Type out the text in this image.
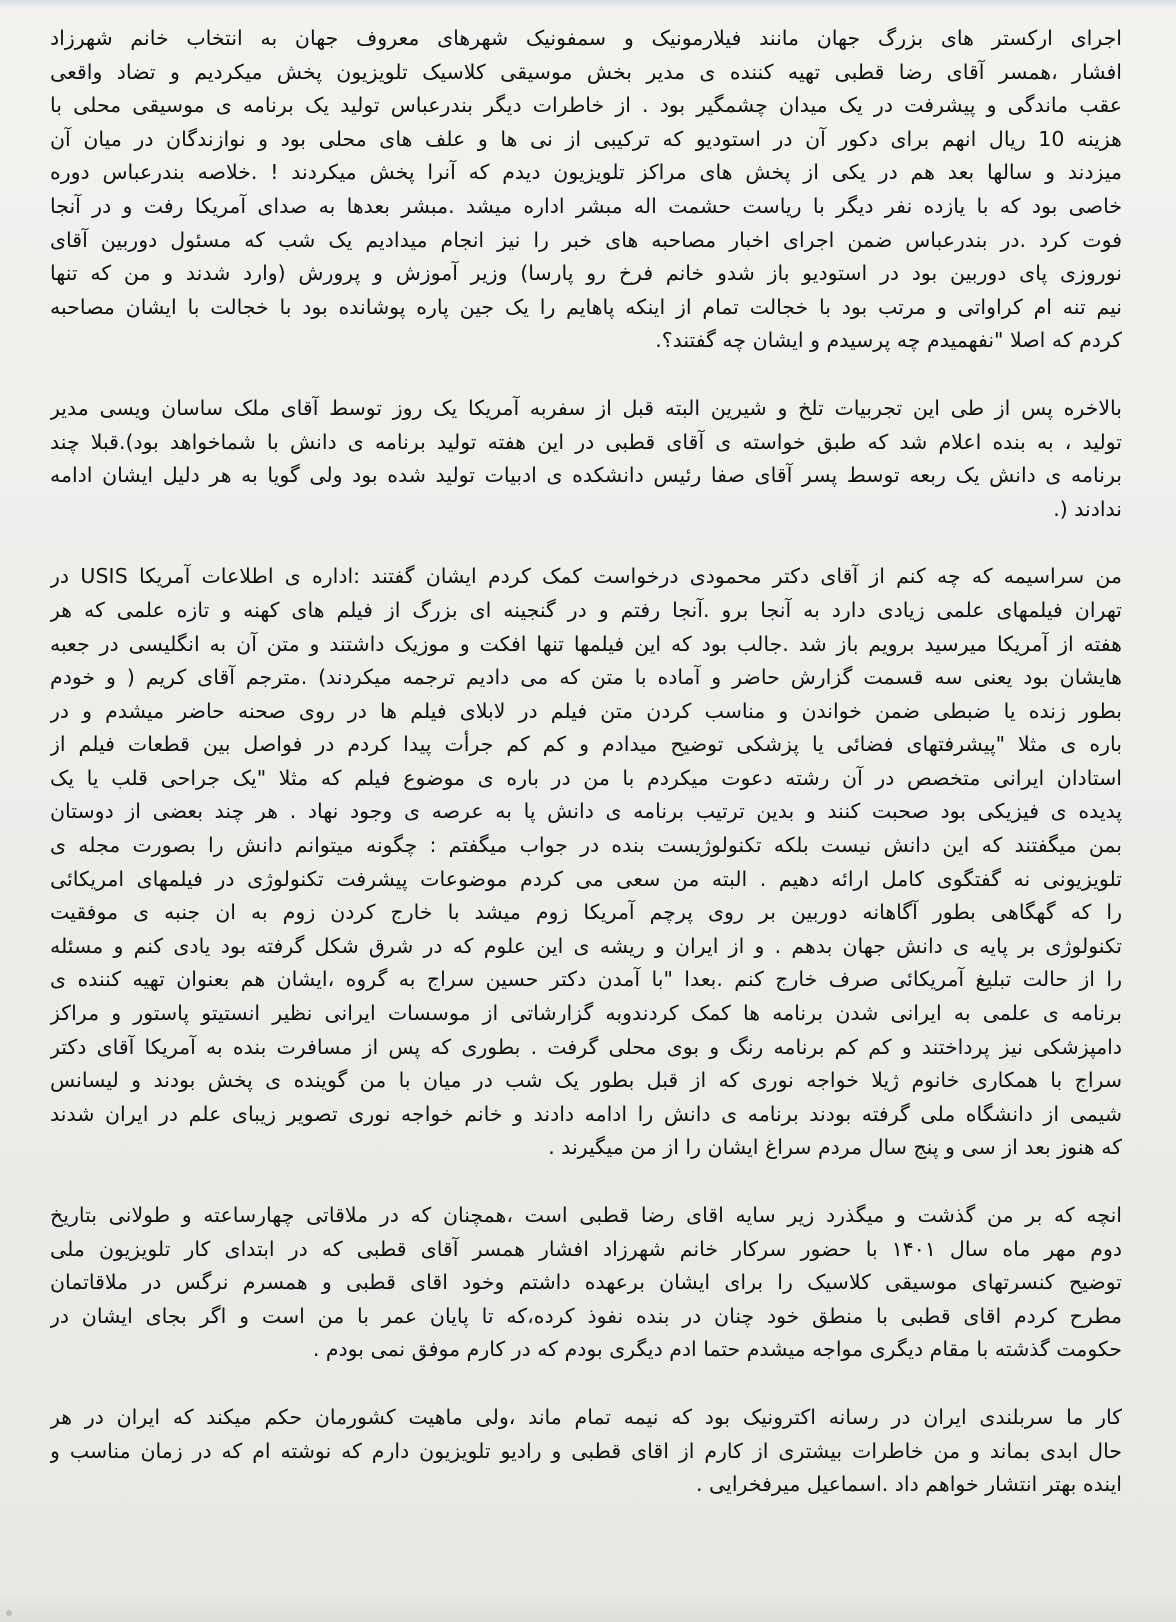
اجرای ارکستر های بزرگ جهان مانند فیلارمونیک و سمفونیک شهرهای معروف جهان به انتخاب خانم شهرزاد
افشار ،همسر آقای رضا قطبی تهیه کننده ی مدیر بخش موسیقی کلاسیک تلویزیون پخش میکردیم و تضاد واقعی
عقب ماندگی و پیشرفت در یک میدان چشمگیر بود . از خاطرات دیگر بندرعباس تولید یک برنامه ی موسیقی محلی با
هزینه 10 ریال انهم برای دکور آن در استودیو که ترکیبی از نی ها و علف های محلی بود و نوازندگان در میان آن
میزدند و سالها بعد هم در یکی از پخش های مراکز تلویزیون دیدم که آنرا پخش میکردند ! .خلاصه بندرعباس دوره
خاصی بود که با یازده نفر دیگر با ریاست حشمت اله مبشر اداره میشد .مبشر بعدها به صدای آمریکا رفت و در آنجا
فوت کرد .در بندرعباس ضمن اجرای اخبار مصاحبه های خبر را نیز انجام میدادیم یک شب که مسئول دوربین آقای
نوروزی پای دوربین بود در استودیو باز شدو خانم فرخ رو پارسا) وزیر آموزش و پرورش (وارد شدند و من که تنها
نیم تنه ام کراواتی و مرتب بود با خجالت تمام از اینکه پاهایم را یک جین پاره پوشانده بود با خجالت با ایشان مصاحبه
کردم که اصلا "نفهمیدم چه پرسیدم و ایشان چه گفتند؟.
بالاخره پس از طی این تجربیات تلخ و شیرین البته قبل از سفربه آمریکا یک روز توسط آقای ملک ساسان ویسی مدیر
تولید ، به بنده اعلام شد که طبق خواسته ی آقای قطبی در این هفته تولید برنامه ی دانش با شماخواهد بود).قبلا چند
برنامه ی دانش یک ربعه توسط پسر آقای صفا رئیس دانشکده ی ادبیات تولید شده بود ولی گویا به هر دلیل ایشان ادامه
ندادند (.
من سراسیمه که چه کنم از آقای دکتر محمودی درخواست کمک کردم ایشان گفتند :اداره ی اطلاعات آمریکا USIS در
تهران فیلمهای علمی زیادی دارد به آنجا برو .آنجا رفتم و در گنجینه ای بزرگ از فیلم های کهنه و تازه علمی که هر
هفته از آمریکا میرسید برویم باز شد .جالب بود که این فیلمها تنها افکت و موزیک داشتند و متن آن به انگلیسی در جعبه
هایشان بود یعنی سه قسمت گزارش حاضر و آماده با متن که می دادیم ترجمه میکردند) .مترجم آقای کریم ( و خودم
بطور زنده یا ضبطی ضمن خواندن و مناسب کردن متن فیلم در لابلای فیلم ها در روی صحنه حاضر میشدم و در
باره ی مثلا "پیشرفتهای فضائی یا پزشکی توضیح میدادم و کم کم جرأت پیدا کردم در فواصل بین قطعات فیلم از
استادان ایرانی متخصص در آن رشته دعوت میکردم با من در باره ی موضوع فیلم که مثلا "یک جراحی قلب یا یک
پدیده ی فیزیکی بود صحبت کنند و بدین ترتیب برنامه ی دانش پا به عرصه ی وجود نهاد . هر چند بعضی از دوستان
بمن میگفتند که این دانش نیست بلکه تکنولوژیست بنده در جواب میگفتم : چگونه میتوانم دانش را بصورت مجله ی
تلویزیونی نه گفتگوی کامل ارائه دهیم . البته من سعی می کردم موضوعات پیشرفت تکنولوژی در فیلمهای امریکائی
را که گهگاهی بطور آگاهانه دوربین بر روی پرچم آمریکا زوم میشد با خارج کردن زوم به ان جنبه ی موفقیت
تکنولوژی بر پایه ی دانش جهان بدهم . و از ایران و ریشه ی این علوم که در شرق شکل گرفته بود یادی کنم و مسئله
را از حالت تبلیغ آمریکائی صرف خارج کنم .بعدا "با آمدن دکتر حسین سراج به گروه ،ایشان هم بعنوان تهیه کننده ی
برنامه ی علمی به ایرانی شدن برنامه ها کمک کردندوبه گزارشاتی از موسسات ایرانی نظیر انستیتو پاستور و مراکز
دامپزشکی نیز پرداختند و کم کم برنامه رنگ و بوی محلی گرفت . بطوری که پس از مسافرت بنده به آمریکا آقای دکتر
سراج با همکاری خانوم ژیلا خواجه نوری که از قبل بطور یک شب در میان با من گوینده ی پخش بودند و لیسانس
شیمی از دانشگاه ملی گرفته بودند برنامه ی دانش را ادامه دادند و خانم خواجه نوری تصویر زیبای علم در ایران شدند
که هنوز بعد از سی و پنج سال مردم سراغ ایشان را از من میگیرند .
انچه که بر من گذشت و میگذرد زیر سایه اقای رضا قطبی است ،همچنان که در ملاقاتی چهارساعته و طولانی بتاریخ
دوم مهر ماه سال ۱۴۰۱ با حضور سرکار خانم شهرزاد افشار همسر آقای قطبی که در ابتدای کار تلویزیون ملی
توضیح کنسرتهای موسیقی کلاسیک را برای ایشان برعهده داشتم وخود اقای قطبی و همسرم نرگس در ملاقاتمان
مطرح کردم اقای قطبی با منطق خود چنان در بنده نفوذ کرده،که تا پایان عمر با من است و اگر بجای ایشان در
حکومت گذشته با مقام دیگری مواجه میشدم حتما ادم دیگری بودم که در کارم موفق نمی بودم .
کار ما سربلندی ایران در رسانه اکترونیک بود که نیمه تمام ماند ،ولی ماهیت کشورمان حکم میکند که ایران در هر
حال ابدی بماند و من خاطرات بیشتری از کارم از اقای قطبی و رادیو تلویزیون دارم که نوشته ام که در زمان مناسب و
اینده بهتر انتشار خواهم داد .اسماعیل میرفخرایی .
